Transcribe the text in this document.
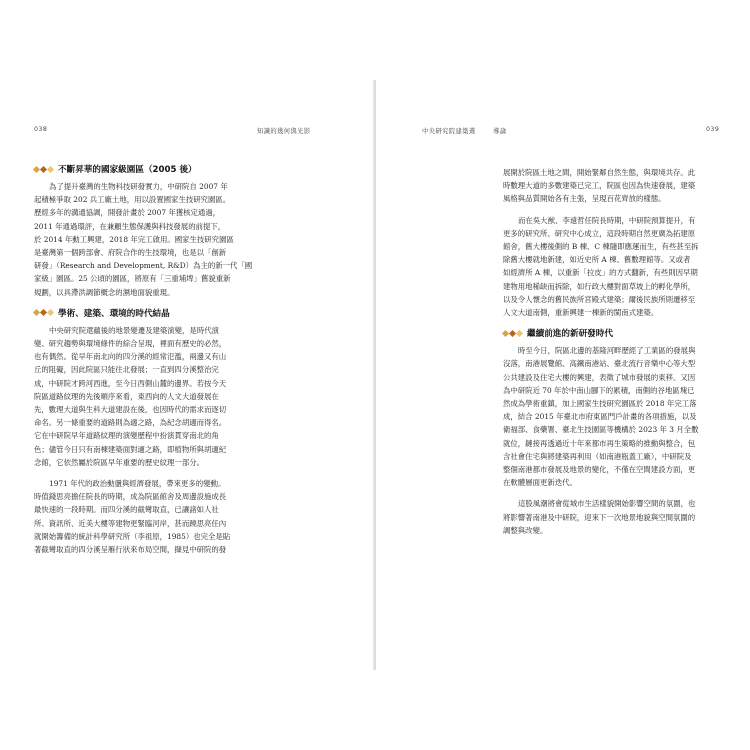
038	知識的幾何與光影
不斷昇華的國家級園區（2005 後）
為了提升臺灣的生物科技研發實力，中研院自 2007 年
起積極爭取 202 兵工廠土地，用以設置國家生技研究園區。
歷經多年的溝通協調，開發計畫於 2007 年獲核定通過，
2011 年通過環評，在兼顧生態保護與科技發展的前提下，
於 2014 年動工興建，2018 年完工啟用。國家生技研究園區
是臺灣第一個跨部會、府院合作的生技環境，也是以「創新
研發」（Research and Development, R&D）為主的新一代「國
家級」園區。25 公頃的園區，將原有「三重埔埤」舊貌重新
規劃，以具滯洪調節概念的濕地面貌重現。
學術、建築、環境的時代結晶
中央研究院還蘊後的地景變遷及建築演變，是時代演
變、研究趨勢與環境條件的綜合呈現，裡面有歷史的必然，
也有偶然。從早年南北向的四分溪的經常氾濫，兩邊又有山
丘的阻礙，因此院區只能往北發展；一直到四分溪整治完
成，中研院才跨河西進，至今日西側山麓的邊界。若按今天
院區道路紋理的先後順序來看，東西向的人文大道發展在
先，數理大道與生科大道建設在後，也因時代的需求而逐切
命名。另一條重要的道路則為適之路，為紀念胡適而得名。
它在中研院早年道路紋理的演變歷程中扮演貫穿南北的角
色；儘管今日只有南棟建築面對適之路，即植物所與胡適紀
念館，它依然屬於院區早年重要的歷史紋理一部分。
1971 年代的政治動盪與經濟發展，帶來更多的變動。
時值錢思亮擔任院長的時期，成為院區館舍及周邊設施成長
最快速的一段時期。而四分溪的截彎取直，已讓諸如人社
所、資訊所、近美大樓等建物更緊臨河岸，甚而蹺思亮任內
就開始籌備的統計科學研究所（李祖原，1985）也完全是貼
著截彎取直的四分溪呈雁行狀來布局空間，擷見中研院的發
中央研究院建築選	導論	039
展開於院區土地之間，開始緊鄰自然生態，與環境共存。此
時數理大道的多數建築已完工，院區也因為快速發展，建築
風格與品質開始各有主張，呈現百花齊放的樣態。
而在吳大猷、李遠哲任院長時期，中研院預算提升，有
更多的研究所、研究中心成立，這段時期自然更廣為拓建原
館舍，舊大樓後側的 B 棟、C 棟隨即應運而生，有些甚至拆
除舊大樓就地新建，如近史所 A 棟、舊數理館等。又或者
如經濟所 A 棟，以重新「拉皮」的方式翻新，有些則因早期
建物用地稀缺而拆除，如行政大樓對面草坡上的孵化學所，
以及令人懷念的舊民族所宮殿式建築；爾後民族所則遷移至
人文大道南側，重新興建一棟新的閩南式建築。
繼續前進的新研發時代
時至今日，院區北邊的基隆河畔歷經了工業區的發展與
沒落，南港展覽館、高鐵南港站、臺北流行音樂中心等大型
公共建設及住宅大樓的興建，表徵了城市發展的東移。又因
為中研院近 70 年於中南山腳下的累積，南側的谷地區塊已
然成為學術重鎮，加上國家生技研究園區於 2018 年完工落
成，結合 2015 年臺北市府東區門戶計畫的各項措施，以及
衛福部、食藥署、臺北生技園區等機構於 2023 年 3 月全數
就位，鏈接再透過近十年來都市再生策略的推動與整合，包
含社會住宅與將建築再利用（如南港瓶蓋工廠），中研院及
整個南港都市發展及地景的變化，不僅在空間建設方面，更
在軟體層面更新迭代。
這股風潮將會從城市生活樣貌開始影響空間的氛圍，也
將影響著南港及中研院，迎來下一次地景地貌與空間氛圍的
調整與改變。
